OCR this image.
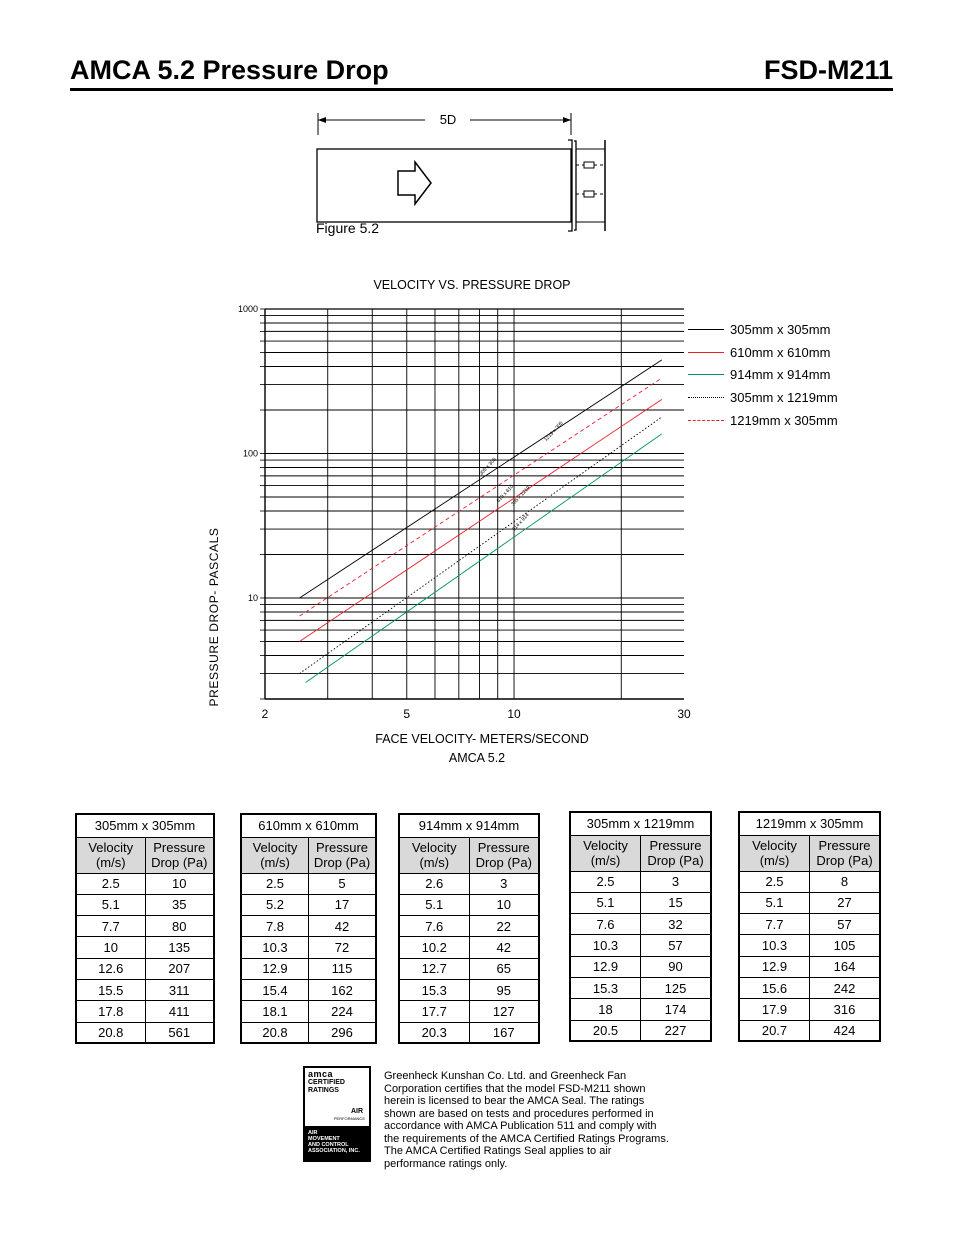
AMCA 5.2 Pressure Drop	FSD-M211
5D
Figure 5.2
VELOCITY VS. PRESSURE DROP
10
100
1000
2	5	10	30
305 x 305
1219 x 305
610 x 610
305 x 1219
914 x 914
PRESSURE DROP- PASCALS
FACE VELOCITY- METERS/SECOND
AMCA 5.2
305mm x 305mm
610mm x 610mm
914mm x 914mm
305mm x 1219mm
1219mm x 305mm
305mm x 305mm	
Velocity (m/s)	Pressure Drop (Pa)
2.5	10
5.1	35
7.7	80
10	135
12.6	207
15.5	311
17.8	411
20.8	561
610mm x 610mm	
Velocity (m/s)	Pressure Drop (Pa)
2.5	5
5.2	17
7.8	42
10.3	72
12.9	115
15.4	162
18.1	224
20.8	296
914mm x 914mm	
Velocity (m/s)	Pressure Drop (Pa)
2.6	3
5.1	10
7.6	22
10.2	42
12.7	65
15.3	95
17.7	127
20.3	167
305mm x 1219mm	
Velocity (m/s)	Pressure Drop (Pa)
2.5	3
5.1	15
7.6	32
10.3	57
12.9	90
15.3	125
18	174
20.5	227
1219mm x 305mm	
Velocity (m/s)	Pressure Drop (Pa)
2.5	8
5.1	27
7.7	57
10.3	105
12.9	164
15.6	242
17.9	316
20.7	424
amca
CERTIFIED
RATINGS
AIR
PERFORMANCE
AIR
MOVEMENT
AND CONTROL
ASSOCIATION, INC.
Greenheck Kunshan Co. Ltd. and Greenheck Fan Corporation certifies that the model FSD-M211 shown herein is licensed to bear the AMCA Seal. The ratings shown are based on tests and procedures performed in accordance with AMCA Publication 511 and comply with the requirements of the AMCA Certified Ratings Programs. The AMCA Certified Ratings Seal applies to air performance ratings only.
